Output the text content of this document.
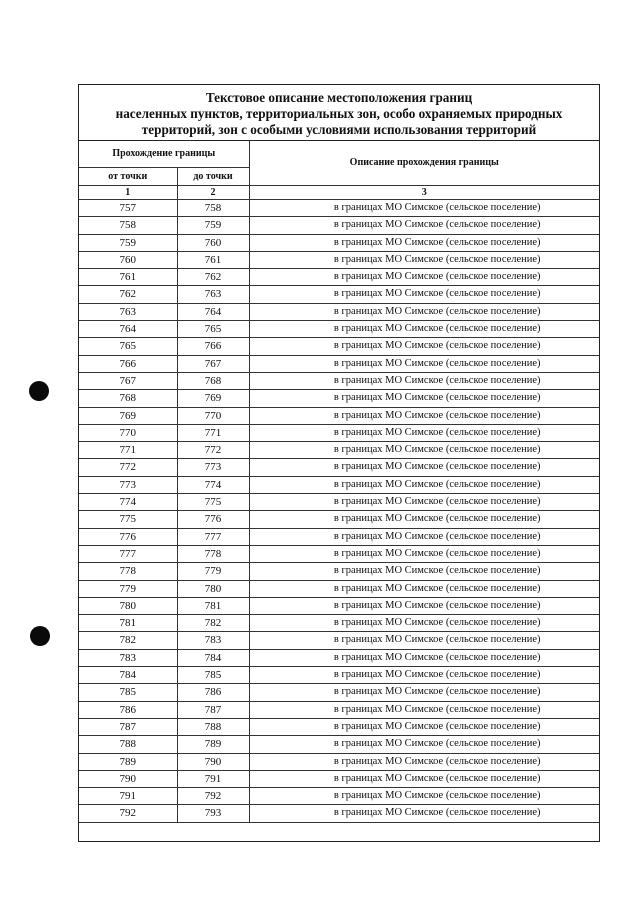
Текстовое описание местоположения границ
населенных пунктов, территориальных зон, особо охраняемых природных
территорий, зон с особыми условиями использования территорий
Прохождение границы		Описание прохождения границы
от точки	до точки	
1	2	3
757	758	в границах МО Симское (сельское поселение)
758	759	в границах МО Симское (сельское поселение)
759	760	в границах МО Симское (сельское поселение)
760	761	в границах МО Симское (сельское поселение)
761	762	в границах МО Симское (сельское поселение)
762	763	в границах МО Симское (сельское поселение)
763	764	в границах МО Симское (сельское поселение)
764	765	в границах МО Симское (сельское поселение)
765	766	в границах МО Симское (сельское поселение)
766	767	в границах МО Симское (сельское поселение)
767	768	в границах МО Симское (сельское поселение)
768	769	в границах МО Симское (сельское поселение)
769	770	в границах МО Симское (сельское поселение)
770	771	в границах МО Симское (сельское поселение)
771	772	в границах МО Симское (сельское поселение)
772	773	в границах МО Симское (сельское поселение)
773	774	в границах МО Симское (сельское поселение)
774	775	в границах МО Симское (сельское поселение)
775	776	в границах МО Симское (сельское поселение)
776	777	в границах МО Симское (сельское поселение)
777	778	в границах МО Симское (сельское поселение)
778	779	в границах МО Симское (сельское поселение)
779	780	в границах МО Симское (сельское поселение)
780	781	в границах МО Симское (сельское поселение)
781	782	в границах МО Симское (сельское поселение)
782	783	в границах МО Симское (сельское поселение)
783	784	в границах МО Симское (сельское поселение)
784	785	в границах МО Симское (сельское поселение)
785	786	в границах МО Симское (сельское поселение)
786	787	в границах МО Симское (сельское поселение)
787	788	в границах МО Симское (сельское поселение)
788	789	в границах МО Симское (сельское поселение)
789	790	в границах МО Симское (сельское поселение)
790	791	в границах МО Симское (сельское поселение)
791	792	в границах МО Симское (сельское поселение)
792	793	в границах МО Симское (сельское поселение)
